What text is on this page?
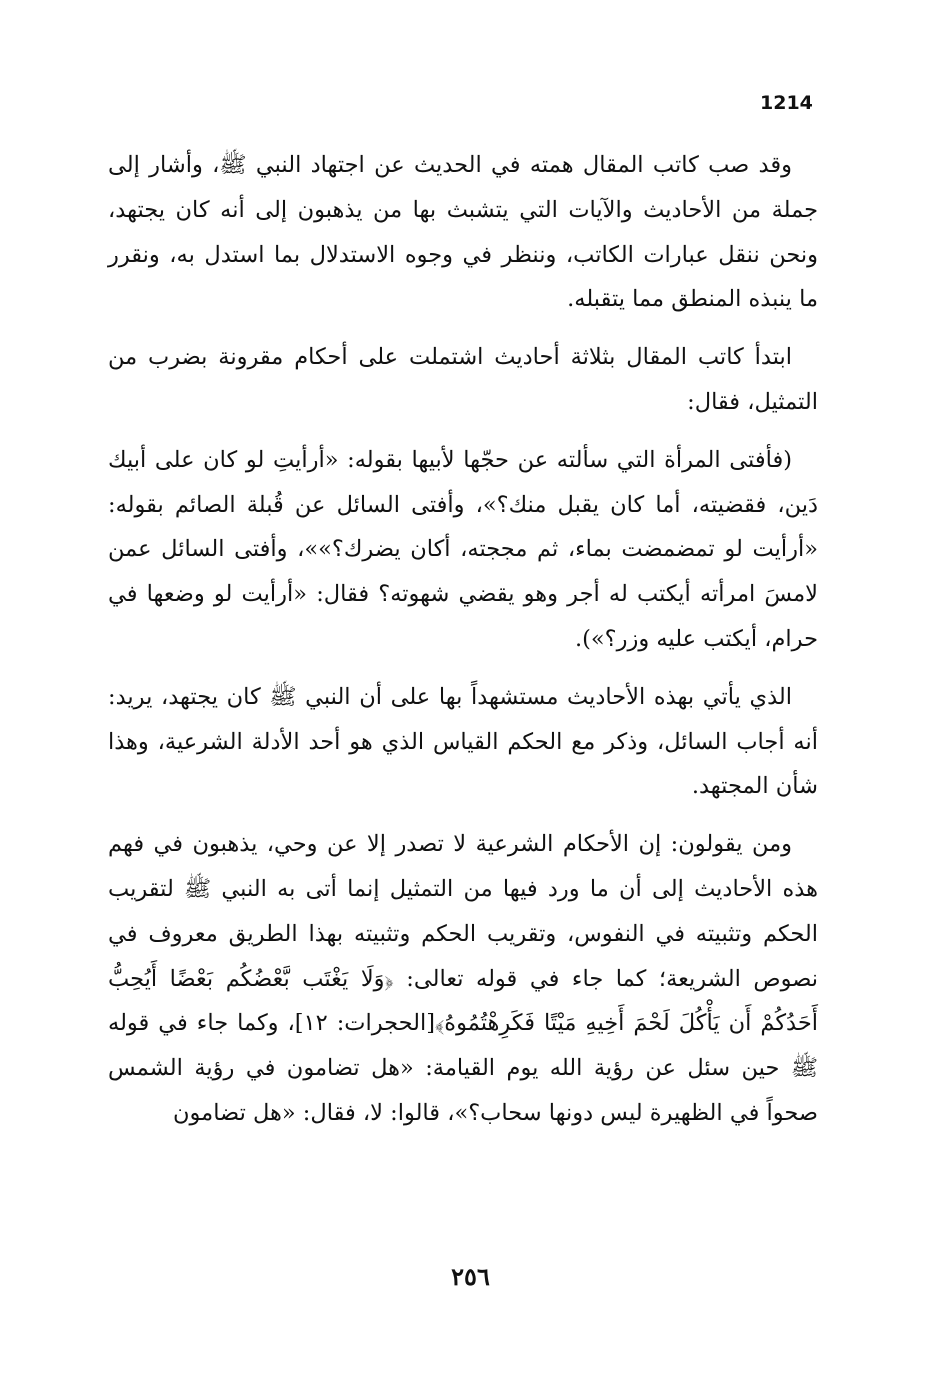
1214

وقد صب كاتب المقال همته في الحديث عن اجتهاد النبي ﷺ، وأشار إلى جملة من الأحاديث والآيات التي يتشبث بها من يذهبون إلى أنه كان يجتهد، ونحن ننقل عبارات الكاتب، وننظر في وجوه الاستدلال بما استدل به، ونقرر ما ينبذه المنطق مما يتقبله.

ابتدأ كاتب المقال بثلاثة أحاديث اشتملت على أحكام مقرونة بضرب من التمثيل، فقال:

(فأفتى المرأة التي سألته عن حجّها لأبيها بقوله: «أرأيتِ لو كان على أبيك دَين، فقضيته، أما كان يقبل منك؟»، وأفتى السائل عن قُبلة الصائم بقوله: «أرأيت لو تمضمضت بماء، ثم مججته، أكان يضرك؟»»، وأفتى السائل عمن لامسَ امرأته أيكتب له أجر وهو يقضي شهوته؟ فقال: «أرأيت لو وضعها في حرام، أيكتب عليه وزر؟»).

الذي يأتي بهذه الأحاديث مستشهداً بها على أن النبي ﷺ كان يجتهد، يريد: أنه أجاب السائل، وذكر مع الحكم القياس الذي هو أحد الأدلة الشرعية، وهذا شأن المجتهد.

ومن يقولون: إن الأحكام الشرعية لا تصدر إلا عن وحي، يذهبون في فهم هذه الأحاديث إلى أن ما ورد فيها من التمثيل إنما أتى به النبي ﷺ لتقريب الحكم وتثبيته في النفوس، وتقريب الحكم وتثبيته بهذا الطريق معروف في نصوص الشريعة؛ كما جاء في قوله تعالى: ﴿وَلَا يَغْتَب بَّعْضُكُم بَعْضًا أَيُحِبُّ أَحَدُكُمْ أَن يَأْكُلَ لَحْمَ أَخِيهِ مَيْتًا فَكَرِهْتُمُوهُ﴾[الحجرات: ١٢]، وكما جاء في قوله ﷺ حين سئل عن رؤية الله يوم القيامة: «هل تضامون في رؤية الشمس صحواً في الظهيرة ليس دونها سحاب؟»، قالوا: لا، فقال: «هل تضامون

٢٥٦
